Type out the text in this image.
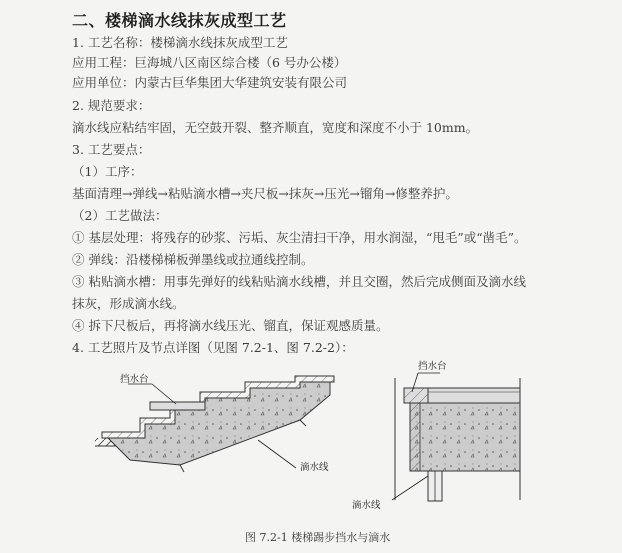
二、楼梯滴水线抹灰成型工艺
1. 工艺名称：楼梯滴水线抹灰成型工艺
应用工程：巨海城八区南区综合楼（6 号办公楼）
应用单位：内蒙古巨华集团大华建筑安装有限公司
2. 规范要求：
滴水线应粘结牢固，无空鼓开裂、整齐顺直，宽度和深度不小于 10mm。
3. 工艺要点：
（1）工序：
基面清理→弹线→粘贴滴水槽→夹尺板→抹灰→压光→镏角→修整养护。
（2）工艺做法：
① 基层处理：将残存的砂浆、污垢、灰尘清扫干净，用水润湿，“甩毛”或“凿毛”。
② 弹线：沿楼梯梯板弹墨线或拉通线控制。
③ 粘贴滴水槽：用事先弹好的线粘贴滴水线槽，并且交圈，然后完成侧面及滴水线
抹灰，形成滴水线。
④ 拆下尺板后，再将滴水线压光、镏直，保证观感质量。
4. 工艺照片及节点详图（见图 7.2-1、图 7.2-2）：
挡水台
滴水线
挡水台
滴水线
图 7.2-1 楼梯踢步挡水与滴水
